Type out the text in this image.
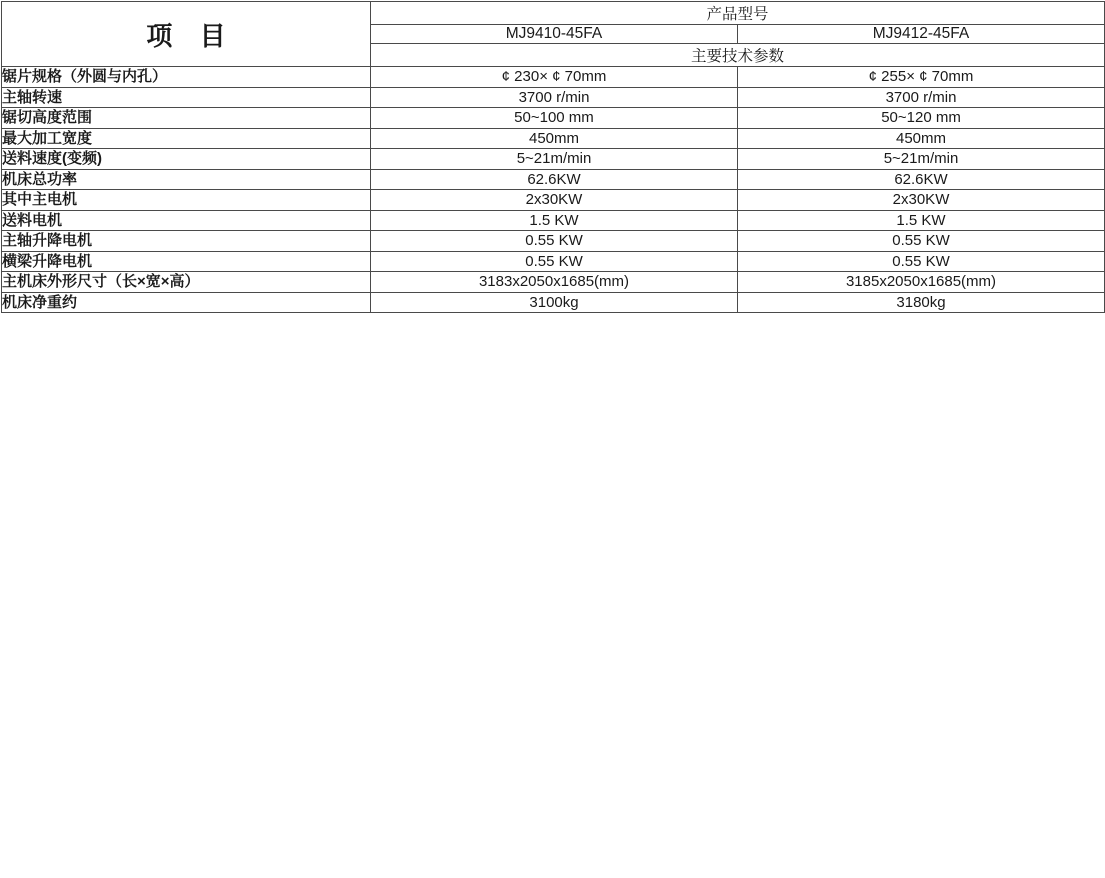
项 目	产品型号	
	MJ9410-45FA	MJ9412-45FA
	主要技术参数	
锯片规格（外圆与内孔）	¢ 230× ¢ 70mm	¢ 255× ¢ 70mm
主轴转速	3700 r/min	3700 r/min
锯切高度范围	50~100 mm	50~120 mm
最大加工宽度	450mm	450mm
送料速度(变频)	5~21m/min	5~21m/min
机床总功率	62.6KW	62.6KW
其中主电机	2x30KW	2x30KW
送料电机	1.5 KW	1.5 KW
主轴升降电机	0.55 KW	0.55 KW
横梁升降电机	0.55 KW	0.55 KW
主机床外形尺寸（长×宽×高）	3183x2050x1685(mm)	3185x2050x1685(mm)
机床净重约	3100kg	3180kg
